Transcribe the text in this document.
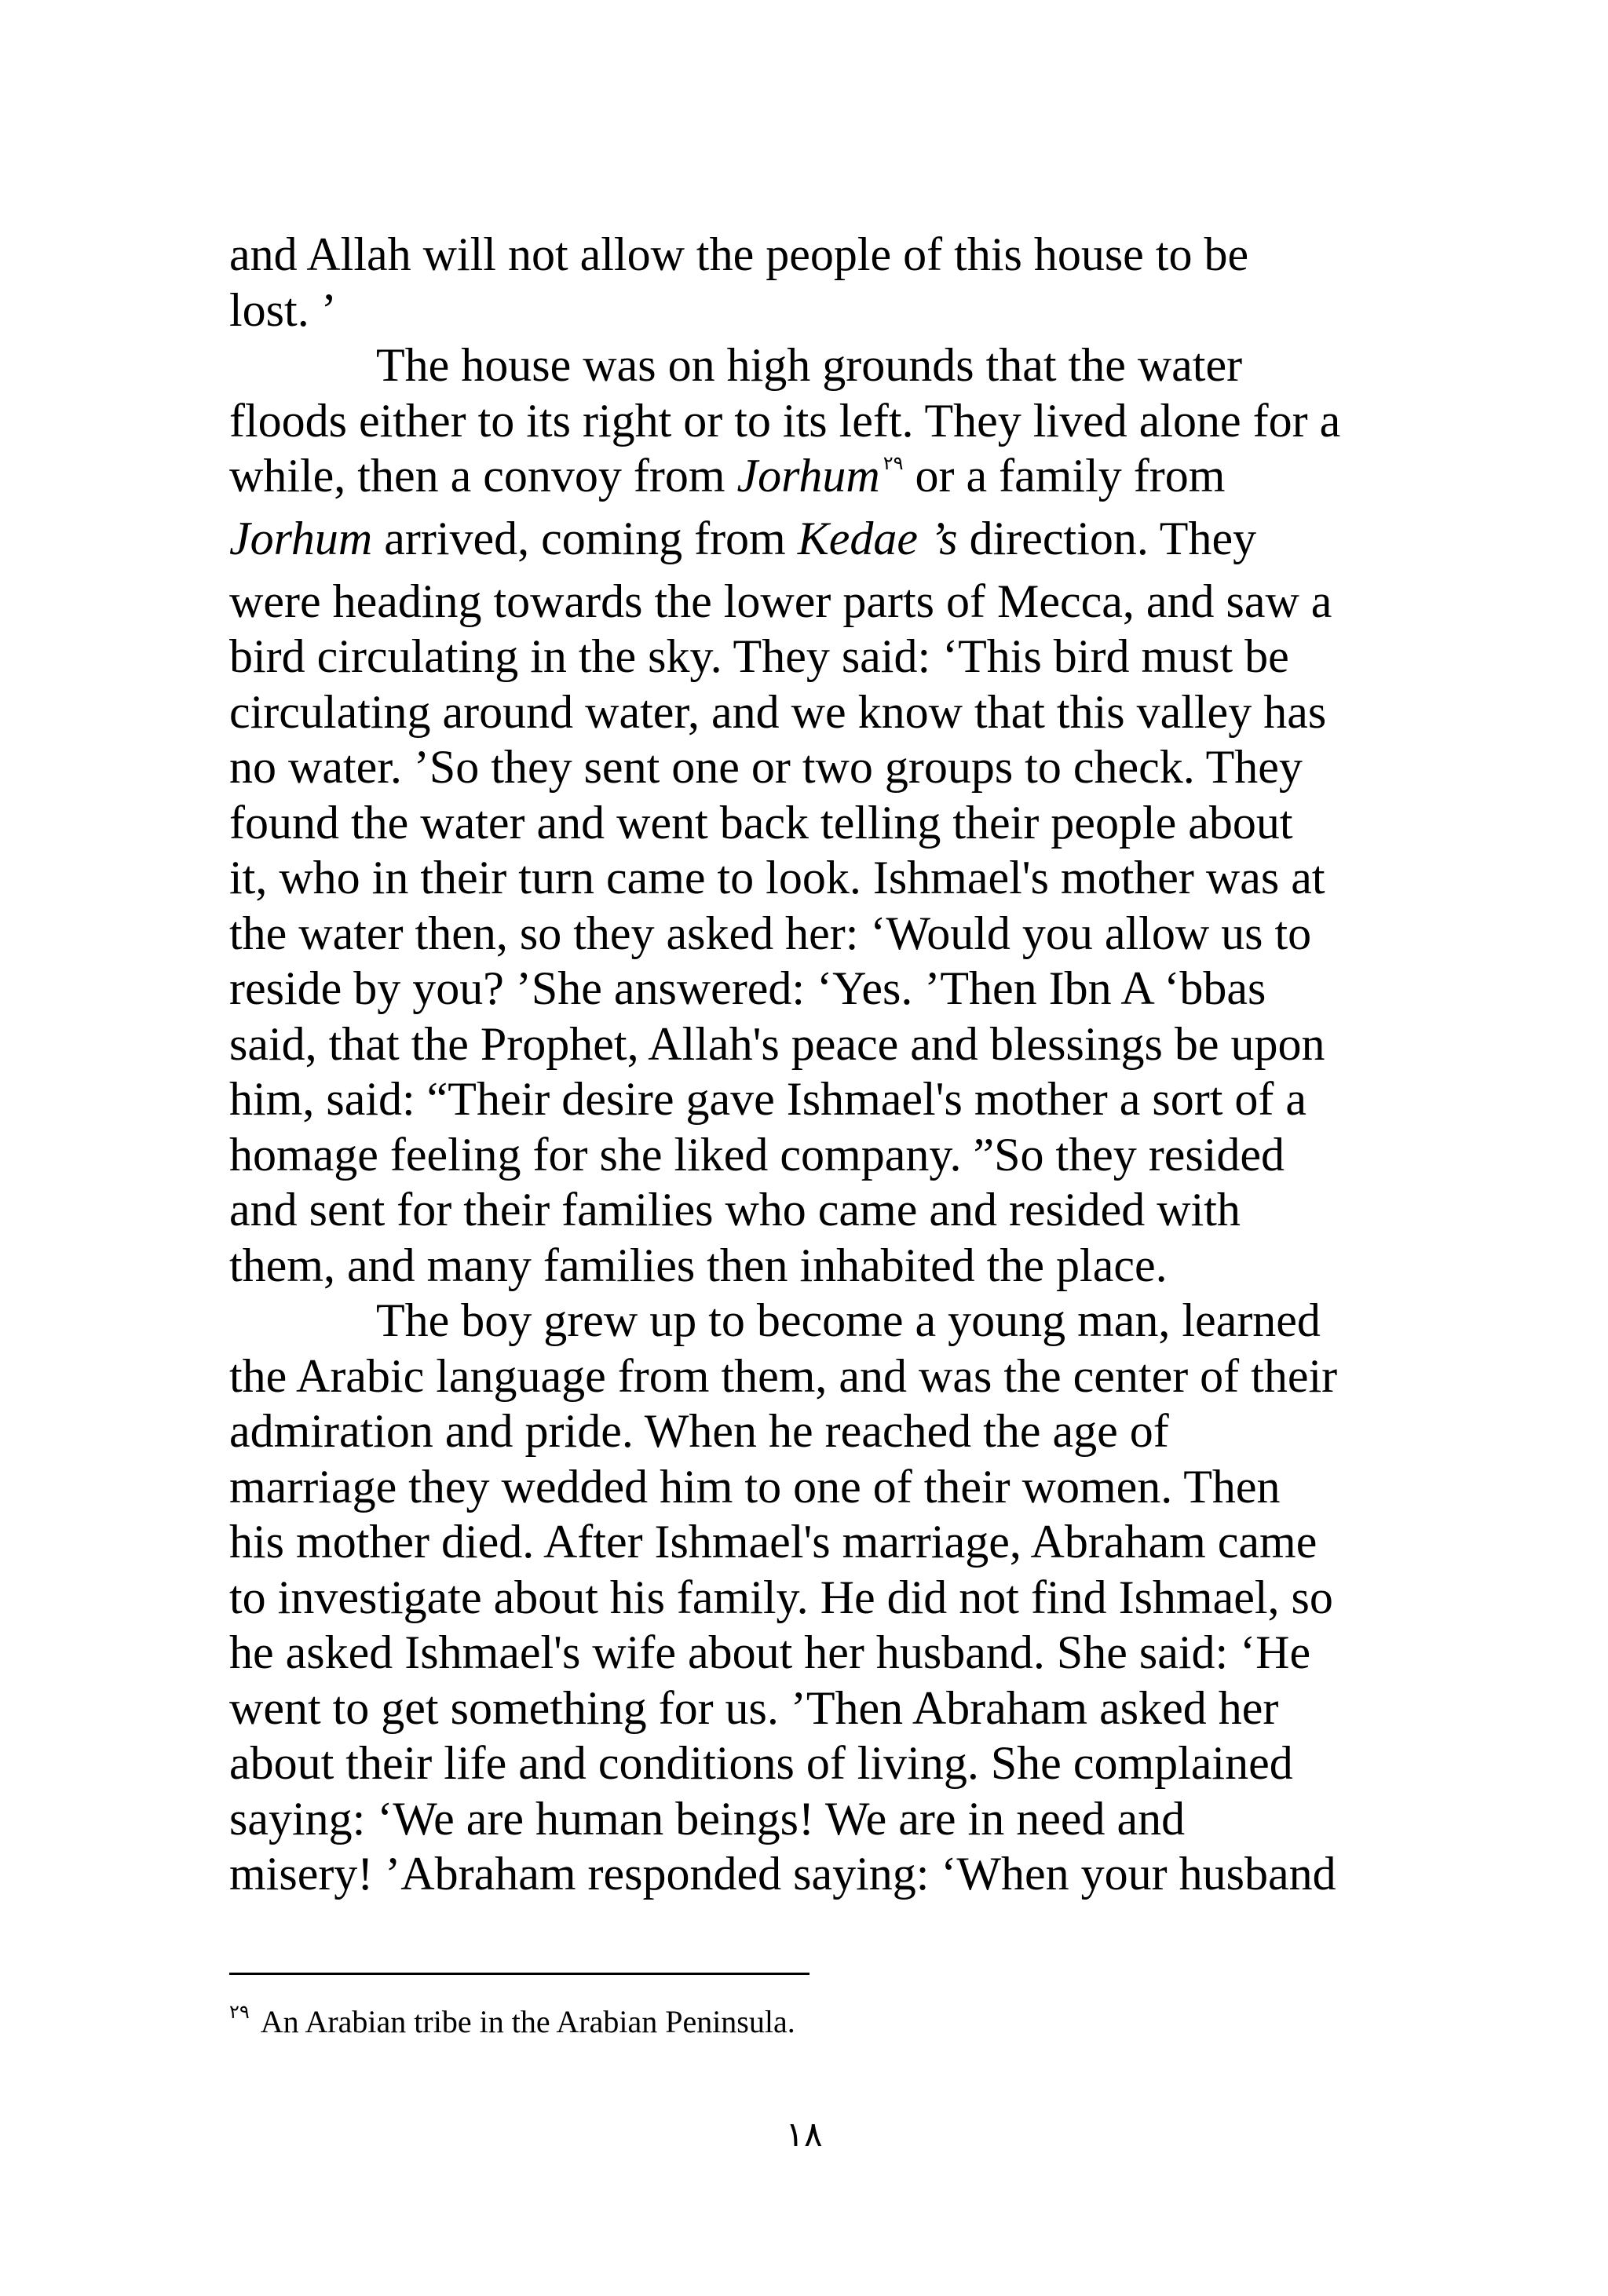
and Allah will not allow the people of this house to be
lost. ’
The house was on high grounds that the water
floods either to its right or to its left. They lived alone for a
while, then a convoy from Jorhum $^{٢٩}$ or a family from
Jorhum arrived, coming from Kedae ’s direction. They
were heading towards the lower parts of Mecca, and saw a
bird circulating in the sky. They said: ‘This bird must be
circulating around water, and we know that this valley has
no water. ’So they sent one or two groups to check. They
found the water and went back telling their people about
it, who in their turn came to look. Ishmael's mother was at
the water then, so they asked her: ‘Would you allow us to
reside by you? ’She answered: ‘Yes. ’Then Ibn A ‘bbas
said, that the Prophet, Allah's peace and blessings be upon
him, said: “Their desire gave Ishmael's mother a sort of a
homage feeling for she liked company. ”So they resided
and sent for their families who came and resided with
them, and many families then inhabited the place.
The boy grew up to become a young man, learned
the Arabic language from them, and was the center of their
admiration and pride. When he reached the age of
marriage they wedded him to one of their women. Then
his mother died. After Ishmael's marriage, Abraham came
to investigate about his family. He did not find Ishmael, so
he asked Ishmael's wife about her husband. She said: ‘He
went to get something for us. ’Then Abraham asked her
about their life and conditions of living. She complained
saying: ‘We are human beings! We are in need and
misery! ’Abraham responded saying: ‘When your husband
$^{٢٩}$ An Arabian tribe in the Arabian Peninsula.
١٨
